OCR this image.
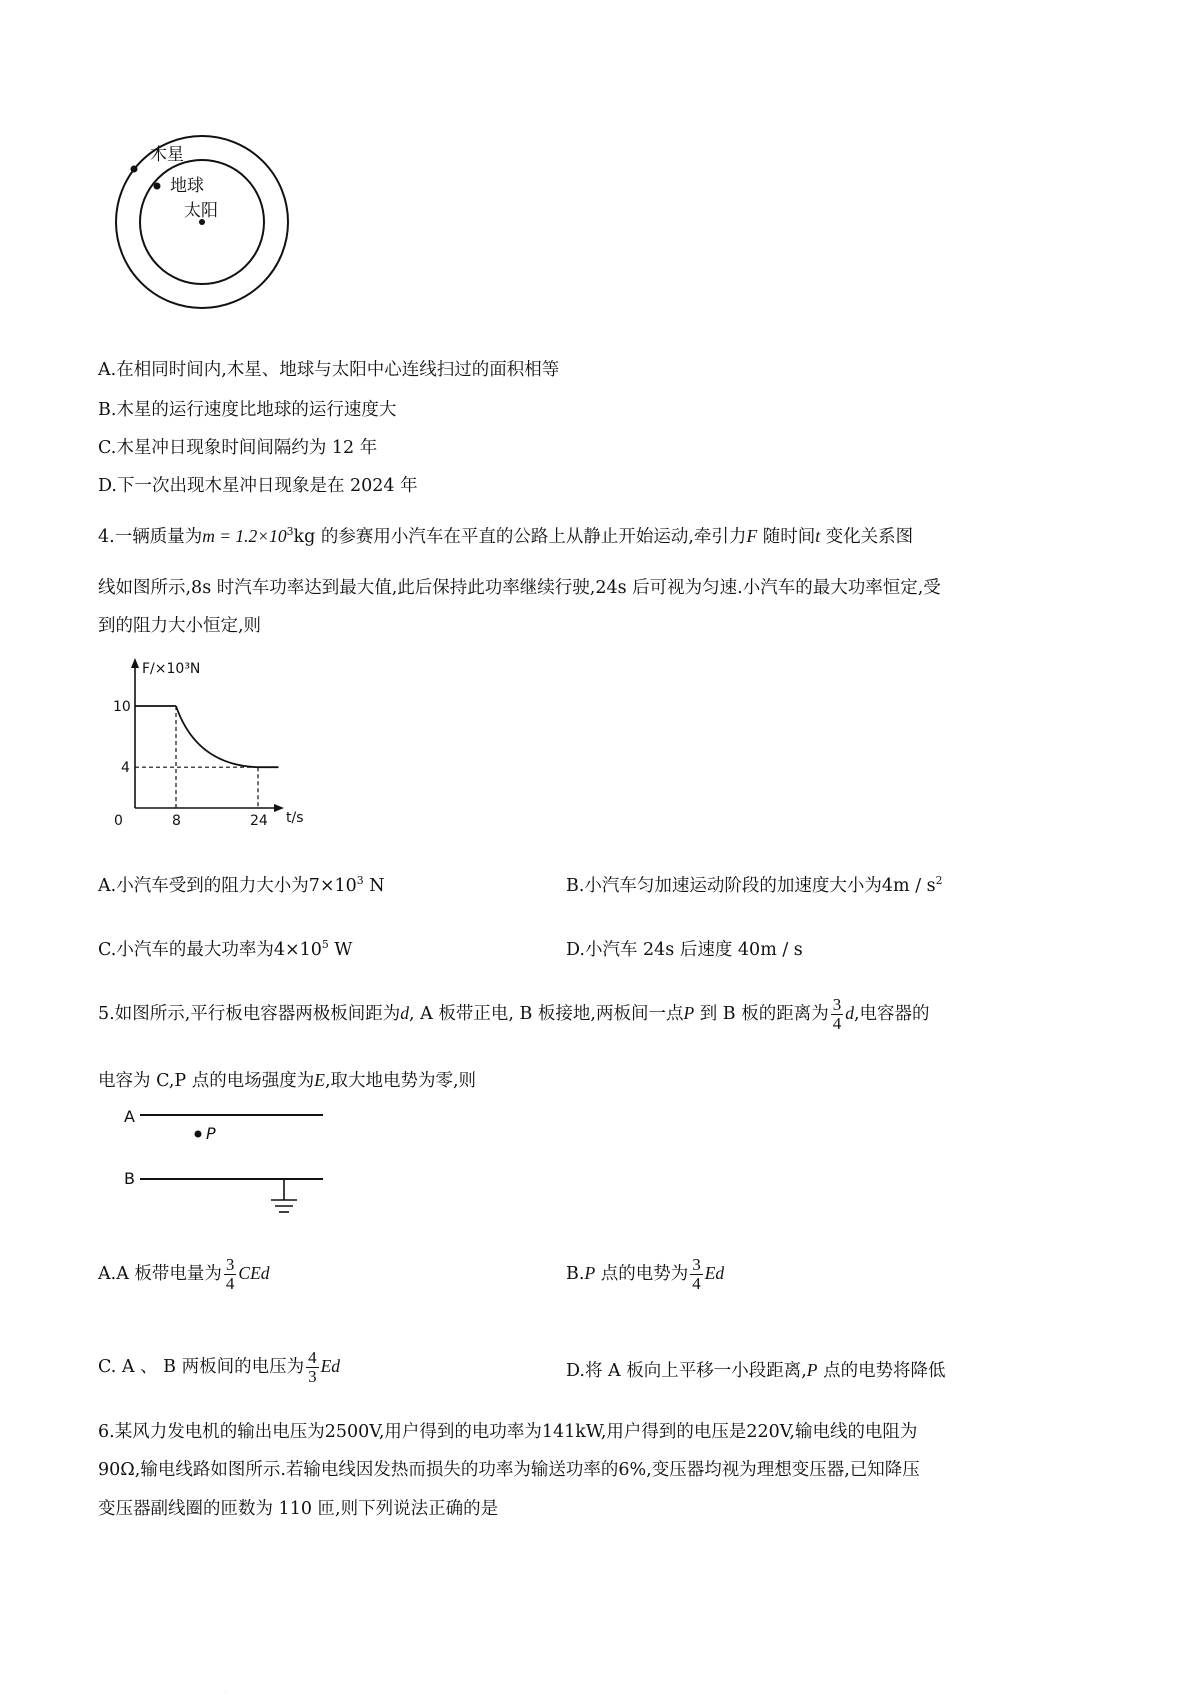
木星
地球
太阳
A.在相同时间内,木星、地球与太阳中心连线扫过的面积相等
B.木星的运行速度比地球的运行速度大
C.木星冲日现象时间间隔约为 12 年
D.下一次出现木星冲日现象是在 2024 年
4.一辆质量为$m = 1.2\times 10^3kg$ 的参赛用小汽车在平直的公路上从静止开始运动,牵引力F 随时间t 变化关系图
线如图所示,8s 时汽车功率达到最大值,此后保持此功率继续行驶,24s 后可视为匀速.小汽车的最大功率恒定,受
到的阻力大小恒定,则
F/×10³N
t/s
0	8	24
10
4
A.小汽车受到的阻力大小为$7\times 10^3$ N	B.小汽车匀加速运动阶段的加速度大小为$4m / s^2$
C.小汽车的最大功率为$4\times 10^5$ W	D.小汽车 24s 后速度 40m / s
5.如图所示,平行板电容器两极板间距为d, A 板带正电, B 板接地,两板间一点P 到 B 板的距离为 $\frac{3}{4} d$,电容器的
电容为 C,P 点的电场强度为E,取大地电势为零,则
A
P
B
A.A 板带电量为 $\frac{3}{4}$ CEd	B.P 点的电势为 $\frac{3}{4}$ Ed
C. A 、 B 两板间的电压为 $\frac{4}{3}$ Ed	D.将 A 板向上平移一小段距离,P 点的电势将降低
6.某风力发电机的输出电压为2500V,用户得到的电功率为141kW,用户得到的电压是220V,输电线的电阻为
90Ω,输电线路如图所示.若输电线因发热而损失的功率为输送功率的6%,变压器均视为理想变压器,已知降压
变压器副线圈的匝数为 110 匝,则下列说法正确的是
·
